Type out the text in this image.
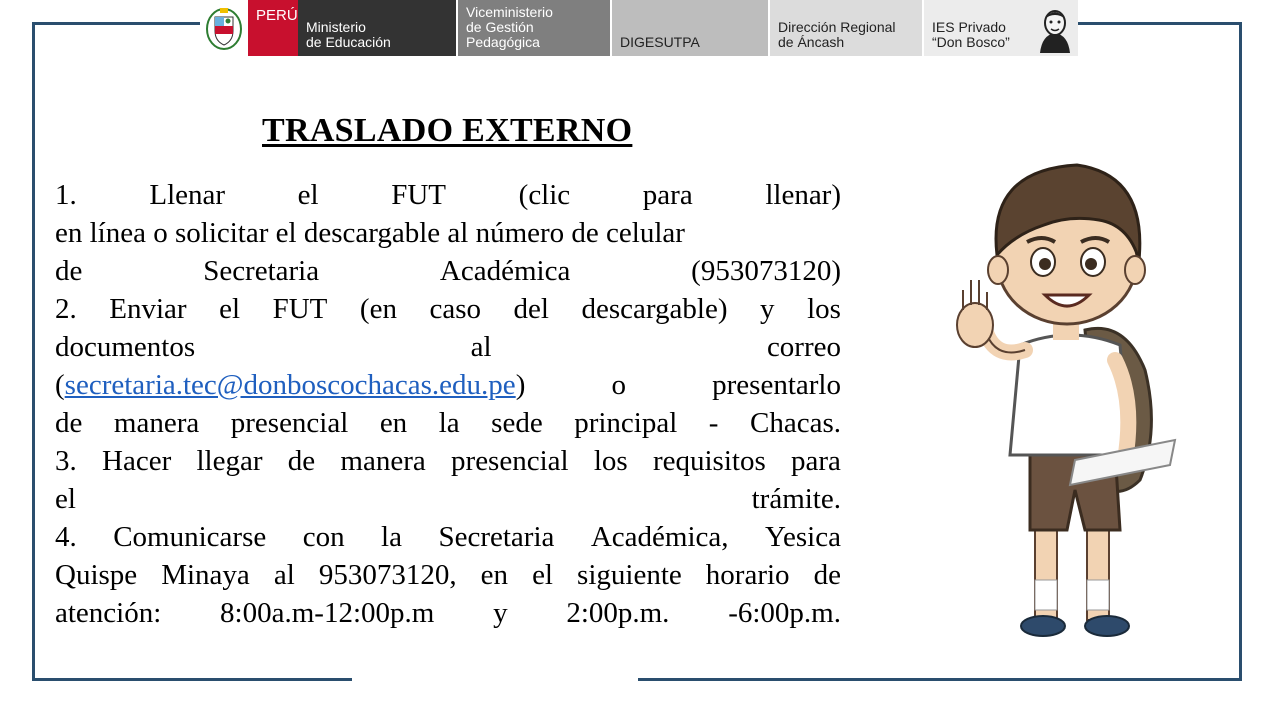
PERÚ
Ministerio
de Educación
Viceministerio
de Gestión Pedagógica	DIGESUTPA
Dirección Regional
de Áncash
IES Privado
“Don Bosco”
TRASLADO EXTERNO
1.	Llenar	el	FUT	(clic	para	llenar)
en línea o solicitar el descargable al número de celular
de	Secretaria	Académica	(953073120)
2. Enviar el FUT (en caso del descargable) y los
documentos	al	correo
(secretaria.tec@donboscochacas.edu.pe)	o	presentarlo
de manera presencial en la sede principal - Chacas.
3. Hacer llegar de manera presencial los requisitos para
el	trámite.
4. Comunicarse con la Secretaria Académica, Yesica
Quispe Minaya al 953073120, en el siguiente horario de
atención: 8:00a.m-12:00p.m y 2:00p.m. -6:00p.m.
